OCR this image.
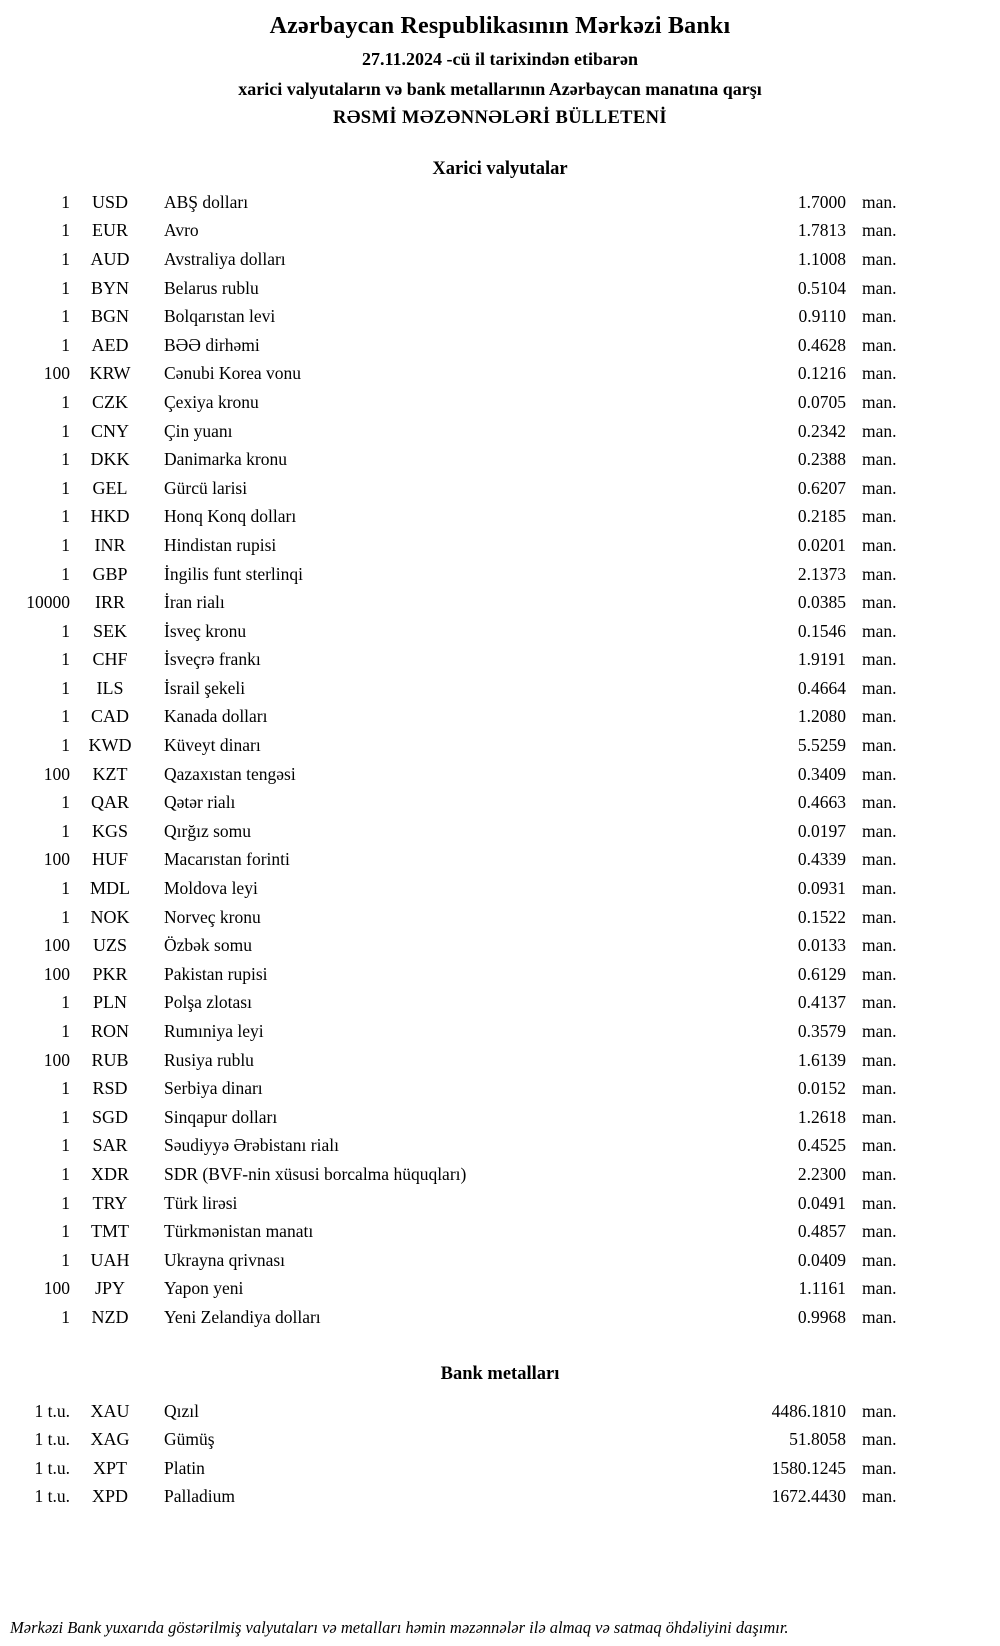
Azərbaycan Respublikasının Mərkəzi Bankı
27.11.2024 -cü il tarixindən etibarən
xarici valyutaların və bank metallarının Azərbaycan manatına qarşı
RƏSMİ MƏZƏNNƏLƏRİ BÜLLETENİ
Xarici valyutalar
1	USD	ABŞ dolları	1.7000 man.
1	EUR	Avro	1.7813 man.
1	AUD	Avstraliya dolları	1.1008 man.
1	BYN	Belarus rublu	0.5104 man.
1	BGN	Bolqarıstan levi	0.9110 man.
1	AED	BƏƏ dirhəmi	0.4628 man.
100	KRW	Cənubi Korea vonu	0.1216 man.
1	CZK	Çexiya kronu	0.0705 man.
1	CNY	Çin yuanı	0.2342 man.
1	DKK	Danimarka kronu	0.2388 man.
1	GEL	Gürcü larisi	0.6207 man.
1	HKD	Honq Konq dolları	0.2185 man.
1	INR	Hindistan rupisi	0.0201 man.
1	GBP	İngilis funt sterlinqi	2.1373 man.
10000	IRR	İran rialı	0.0385 man.
1	SEK	İsveç kronu	0.1546 man.
1	CHF	İsveçrə frankı	1.9191 man.
1	ILS	İsrail şekeli	0.4664 man.
1	CAD	Kanada dolları	1.2080 man.
1	KWD	Küveyt dinarı	5.5259 man.
100	KZT	Qazaxıstan tengəsi	0.3409 man.
1	QAR	Qətər rialı	0.4663 man.
1	KGS	Qırğız somu	0.0197 man.
100	HUF	Macarıstan forinti	0.4339 man.
1	MDL	Moldova leyi	0.0931 man.
1	NOK	Norveç kronu	0.1522 man.
100	UZS	Özbək somu	0.0133 man.
100	PKR	Pakistan rupisi	0.6129 man.
1	PLN	Polşa zlotası	0.4137 man.
1	RON	Rumıniya leyi	0.3579 man.
100	RUB	Rusiya rublu	1.6139 man.
1	RSD	Serbiya dinarı	0.0152 man.
1	SGD	Sinqapur dolları	1.2618 man.
1	SAR	Səudiyyə Ərəbistanı rialı	0.4525 man.
1	XDR	SDR (BVF-nin xüsusi borcalma hüquqları)	2.2300 man.
1	TRY	Türk lirəsi	0.0491 man.
1	TMT	Türkmənistan manatı	0.4857 man.
1	UAH	Ukrayna qrivnası	0.0409 man.
100	JPY	Yapon yeni	1.1161 man.
1	NZD	Yeni Zelandiya dolları	0.9968 man.
Bank metalları
1 t.u.	XAU	Qızıl	4486.1810 man.
1 t.u.	XAG	Gümüş	51.8058 man.
1 t.u.	XPT	Platin	1580.1245 man.
1 t.u.	XPD	Palladium	1672.4430 man.
Mərkəzi Bank yuxarıda göstərilmiş valyutaları və metalları həmin məzənnələr ilə almaq və satmaq öhdəliyini daşımır.
